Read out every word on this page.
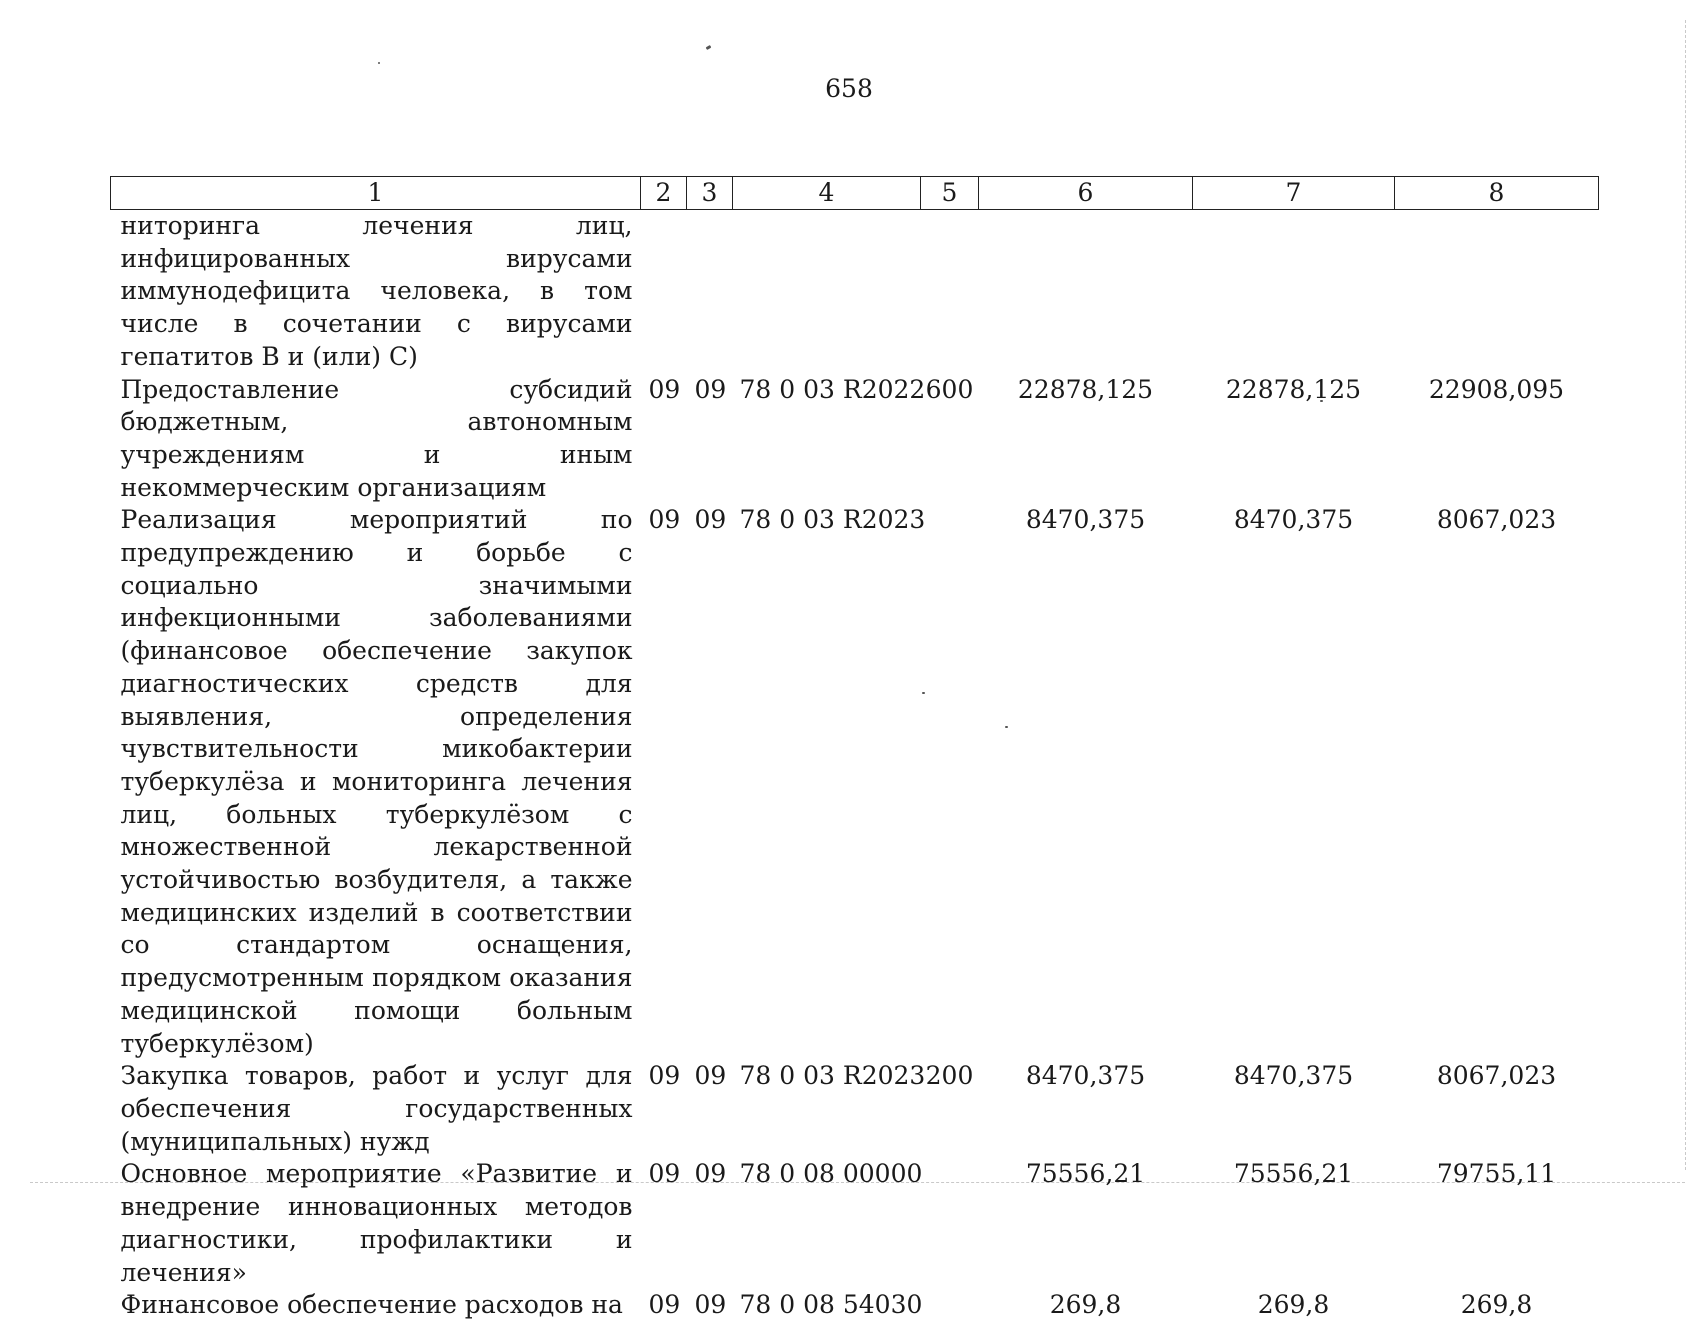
658
1	2	3	4	5	6	7	8
ниторинга лечения лиц, инфицированных вирусами иммунодефицита человека, в том числе в сочетании с вирусами гепатитов В и (или) С)							
Предоставление субсидий бюджетным, автономным учреждениям и иным некоммерческим организациям	09	09	78 0 03 R2022	600	22878,125	22878,125	22908,095
Реализация мероприятий по предупреждению и борьбе с социально значимыми инфекционными заболеваниями (финансовое обеспечение закупок диагностических средств для выявления, определения чувствительности микобактерии туберкулёза и мониторинга лечения лиц, больных туберкулёзом с множественной лекарственной устойчивостью возбудителя, а также медицинских изделий в соответствии со стандартом оснащения, предусмотренным порядком оказания медицинской помощи больным туберкулёзом)	09	09	78 0 03 R2023		8470,375	8470,375	8067,023
Закупка товаров, работ и услуг для обеспечения государственных (муниципальных) нужд	09	09	78 0 03 R2023	200	8470,375	8470,375	8067,023
Основное мероприятие «Развитие и внедрение инновационных методов диагностики, профилактики и лечения»	09	09	78 0 08 00000		75556,21	75556,21	79755,11
Финансовое обеспечение расходов на	09	09	78 0 08 54030		269,8	269,8	269,8
